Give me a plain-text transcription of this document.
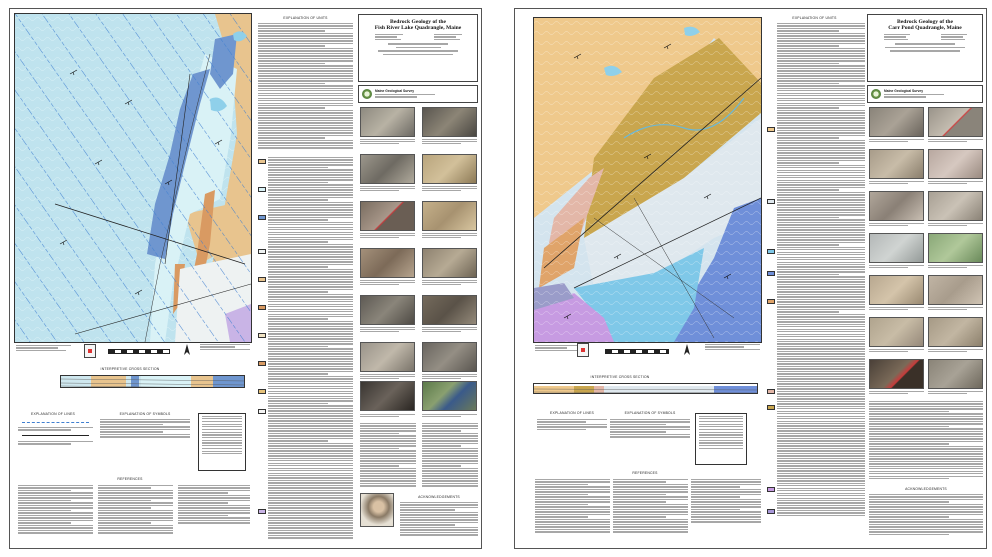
INTERPRETIVE CROSS SECTION
EXPLANATION OF LINES	EXPLANATION OF SYMBOLS
REFERENCES
EXPLANATION OF UNITS
Bedrock Geology of the
Fish River Lake Quadrangle, Maine
Maine Geological Survey
ACKNOWLEDGEMENTS
INTERPRETIVE CROSS SECTION
EXPLANATION OF LINES	EXPLANATION OF SYMBOLS
REFERENCES
EXPLANATION OF UNITS
Bedrock Geology of the
Carr Pond Quadrangle, Maine
Maine Geological Survey
ACKNOWLEDGEMENTS
